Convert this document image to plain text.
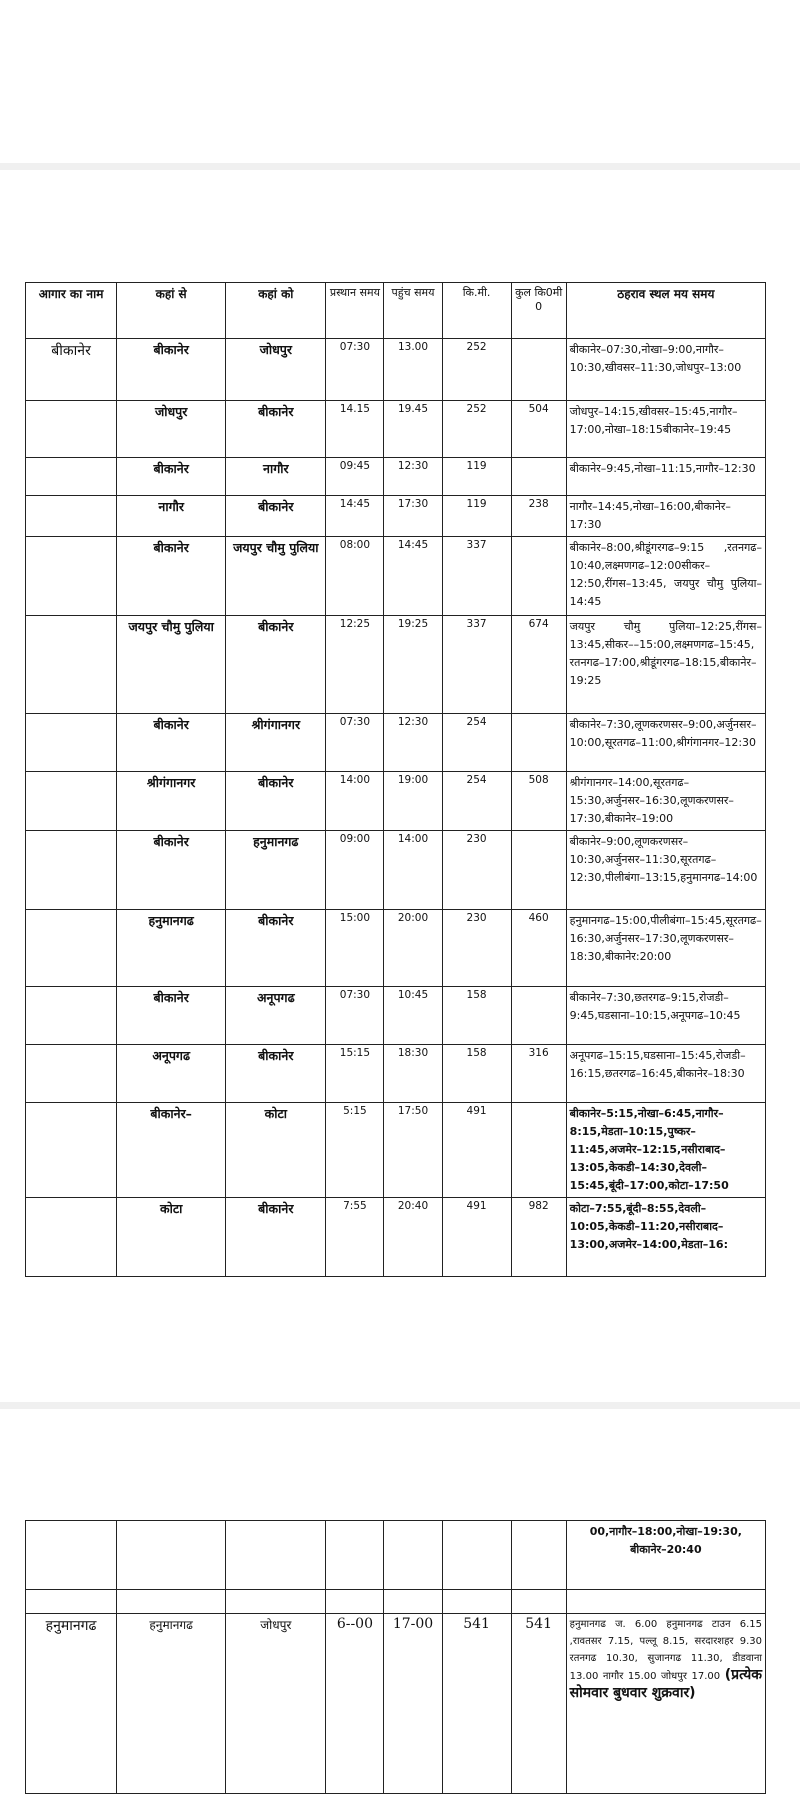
आगार का नाम	कहां से	कहां को	प्रस्थान समय	पहुंच समय	कि.मी.	कुल कि0मी 0	ठहराव स्थल मय समय
बीकानेर	बीकानेर	जोधपुर	07:30	13.00	252		बीकानेर–07:30,नोखा–9:00,नागौर–10:30,खीवसर–11:30,जोधपुर–13:00
	जोधपुर	बीकानेर	14.15	19.45	252	504	जोधपुर–14:15,खीवसर–15:45,नागौर–17:00,नोखा–18:15बीकानेर–19:45
	बीकानेर	नागौर	09:45	12:30	119		बीकानेर–9:45,नोखा–11:15,नागौर–12:30
	नागौर	बीकानेर	14:45	17:30	119	238	नागौर–14:45,नोखा–16:00,बीकानेर–17:30
	बीकानेर	जयपुर चौमु पुलिया	08:00	14:45	337		बीकानेर–8:00,श्रीडूंगरगढ–9:15 ,रतनगढ–10:40,लक्ष्मणगढ–12:00सीकर–12:50,रींगस–13:45, जयपुर चौमु पुलिया–14:45
	जयपुर चौमु पुलिया	बीकानेर	12:25	19:25	337	674	जयपुर चौमु पुलिया–12:25,रींगस–13:45,सीकर––15:00,लक्ष्मणगढ–15:45, रतनगढ–17:00,श्रीडूंगरगढ–18:15,बीकानेर–19:25
	बीकानेर	श्रीगंगानगर	07:30	12:30	254		बीकानेर–7:30,लूणकरणसर–9:00,अर्जुनसर–10:00,सूरतगढ–11:00,श्रीगंगानगर–12:30
	श्रीगंगानगर	बीकानेर	14:00	19:00	254	508	श्रीगंगानगर–14:00,सूरतगढ–15:30,अर्जुनसर–16:30,लूणकरणसर–17:30,बीकानेर–19:00
	बीकानेर	हनुमानगढ	09:00	14:00	230		बीकानेर–9:00,लूणकरणसर–10:30,अर्जुनसर–11:30,सूरतगढ–12:30,पीलीबंगा–13:15,हनुमानगढ–14:00
	हनुमानगढ	बीकानेर	15:00	20:00	230	460	हनुमानगढ–15:00,पीलीबंगा–15:45,सूरतगढ–16:30,अर्जुनसर–17:30,लूणकरणसर–18:30,बीकानेर:20:00
	बीकानेर	अनूपगढ	07:30	10:45	158		बीकानेर–7:30,छतरगढ–9:15,रोजडी–9:45,घडसाना–10:15,अनूपगढ–10:45
	अनूपगढ	बीकानेर	15:15	18:30	158	316	अनूपगढ–15:15,घडसाना–15:45,रोजडी–16:15,छतरगढ–16:45,बीकानेर–18:30
	बीकानेर–	कोटा	5:15	17:50	491		बीकानेर–5:15,नोखा–6:45,नागौर–8:15,मेडता–10:15,पुष्कर–11:45,अजमेर–12:15,नसीराबाद–13:05,केकडी–14:30,देवली–15:45,बूंदी–17:00,कोटा–17:50
	कोटा	बीकानेर	7:55	20:40	491	982	कोटा–7:55,बूंदी–8:55,देवली–10:05,केकडी–11:20,नसीराबाद–13:00,अजमेर–14:00,मेडता–16:
							00,नागौर–18:00,नोखा–19:30, बीकानेर–20:40

हनुमानगढ	हनुमानगढ	जोधपुर	6--00	17-00	541	541	हनुमानगढ ज. 6.00 हनुमानगढ टाउन 6.15 ,रावतसर 7.15, पल्लू 8.15, सरदारशहर 9.30 रतनगढ 10.30, सुजानगढ 11.30, डीडवाना 13.00 नागौर 15.00 जोधपुर 17.00 (प्रत्येक सोमवार बुधवार शुक्रवार)
